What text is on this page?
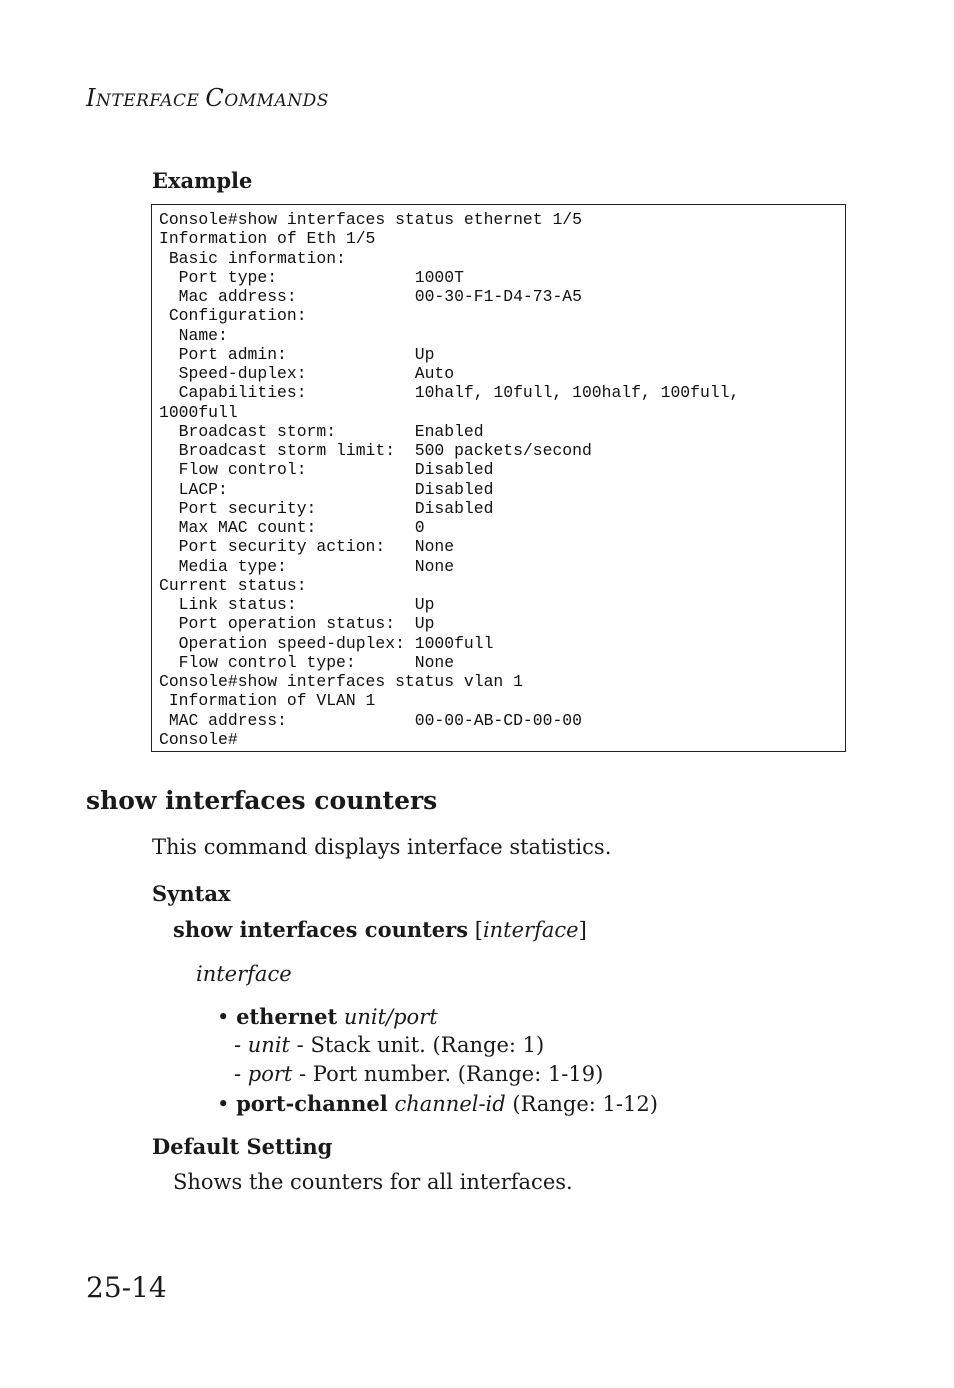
INTERFACE COMMANDS
Example
Console#show interfaces status ethernet 1/5
Information of Eth 1/5
Basic information:
Port type:              1000T
Mac address:            00-30-F1-D4-73-A5
Configuration:
Name:
Port admin:             Up
Speed-duplex:           Auto
Capabilities:           10half, 10full, 100half, 100full,
1000full
Broadcast storm:        Enabled
Broadcast storm limit:  500 packets/second
Flow control:           Disabled
LACP:                   Disabled
Port security:          Disabled
Max MAC count:          0
Port security action:   None
Media type:             None
Current status:
Link status:            Up
Port operation status:  Up
Operation speed-duplex: 1000full
Flow control type:      None
Console#show interfaces status vlan 1
Information of VLAN 1
MAC address:             00-00-AB-CD-00-00
Console#
show interfaces counters
This command displays interface statistics.
Syntax
show interfaces counters [interface]
interface
• ethernet unit/port
- unit - Stack unit. (Range: 1)
- port - Port number. (Range: 1-19)
• port-channel channel-id (Range: 1-12)
Default Setting
Shows the counters for all interfaces.
25-14
